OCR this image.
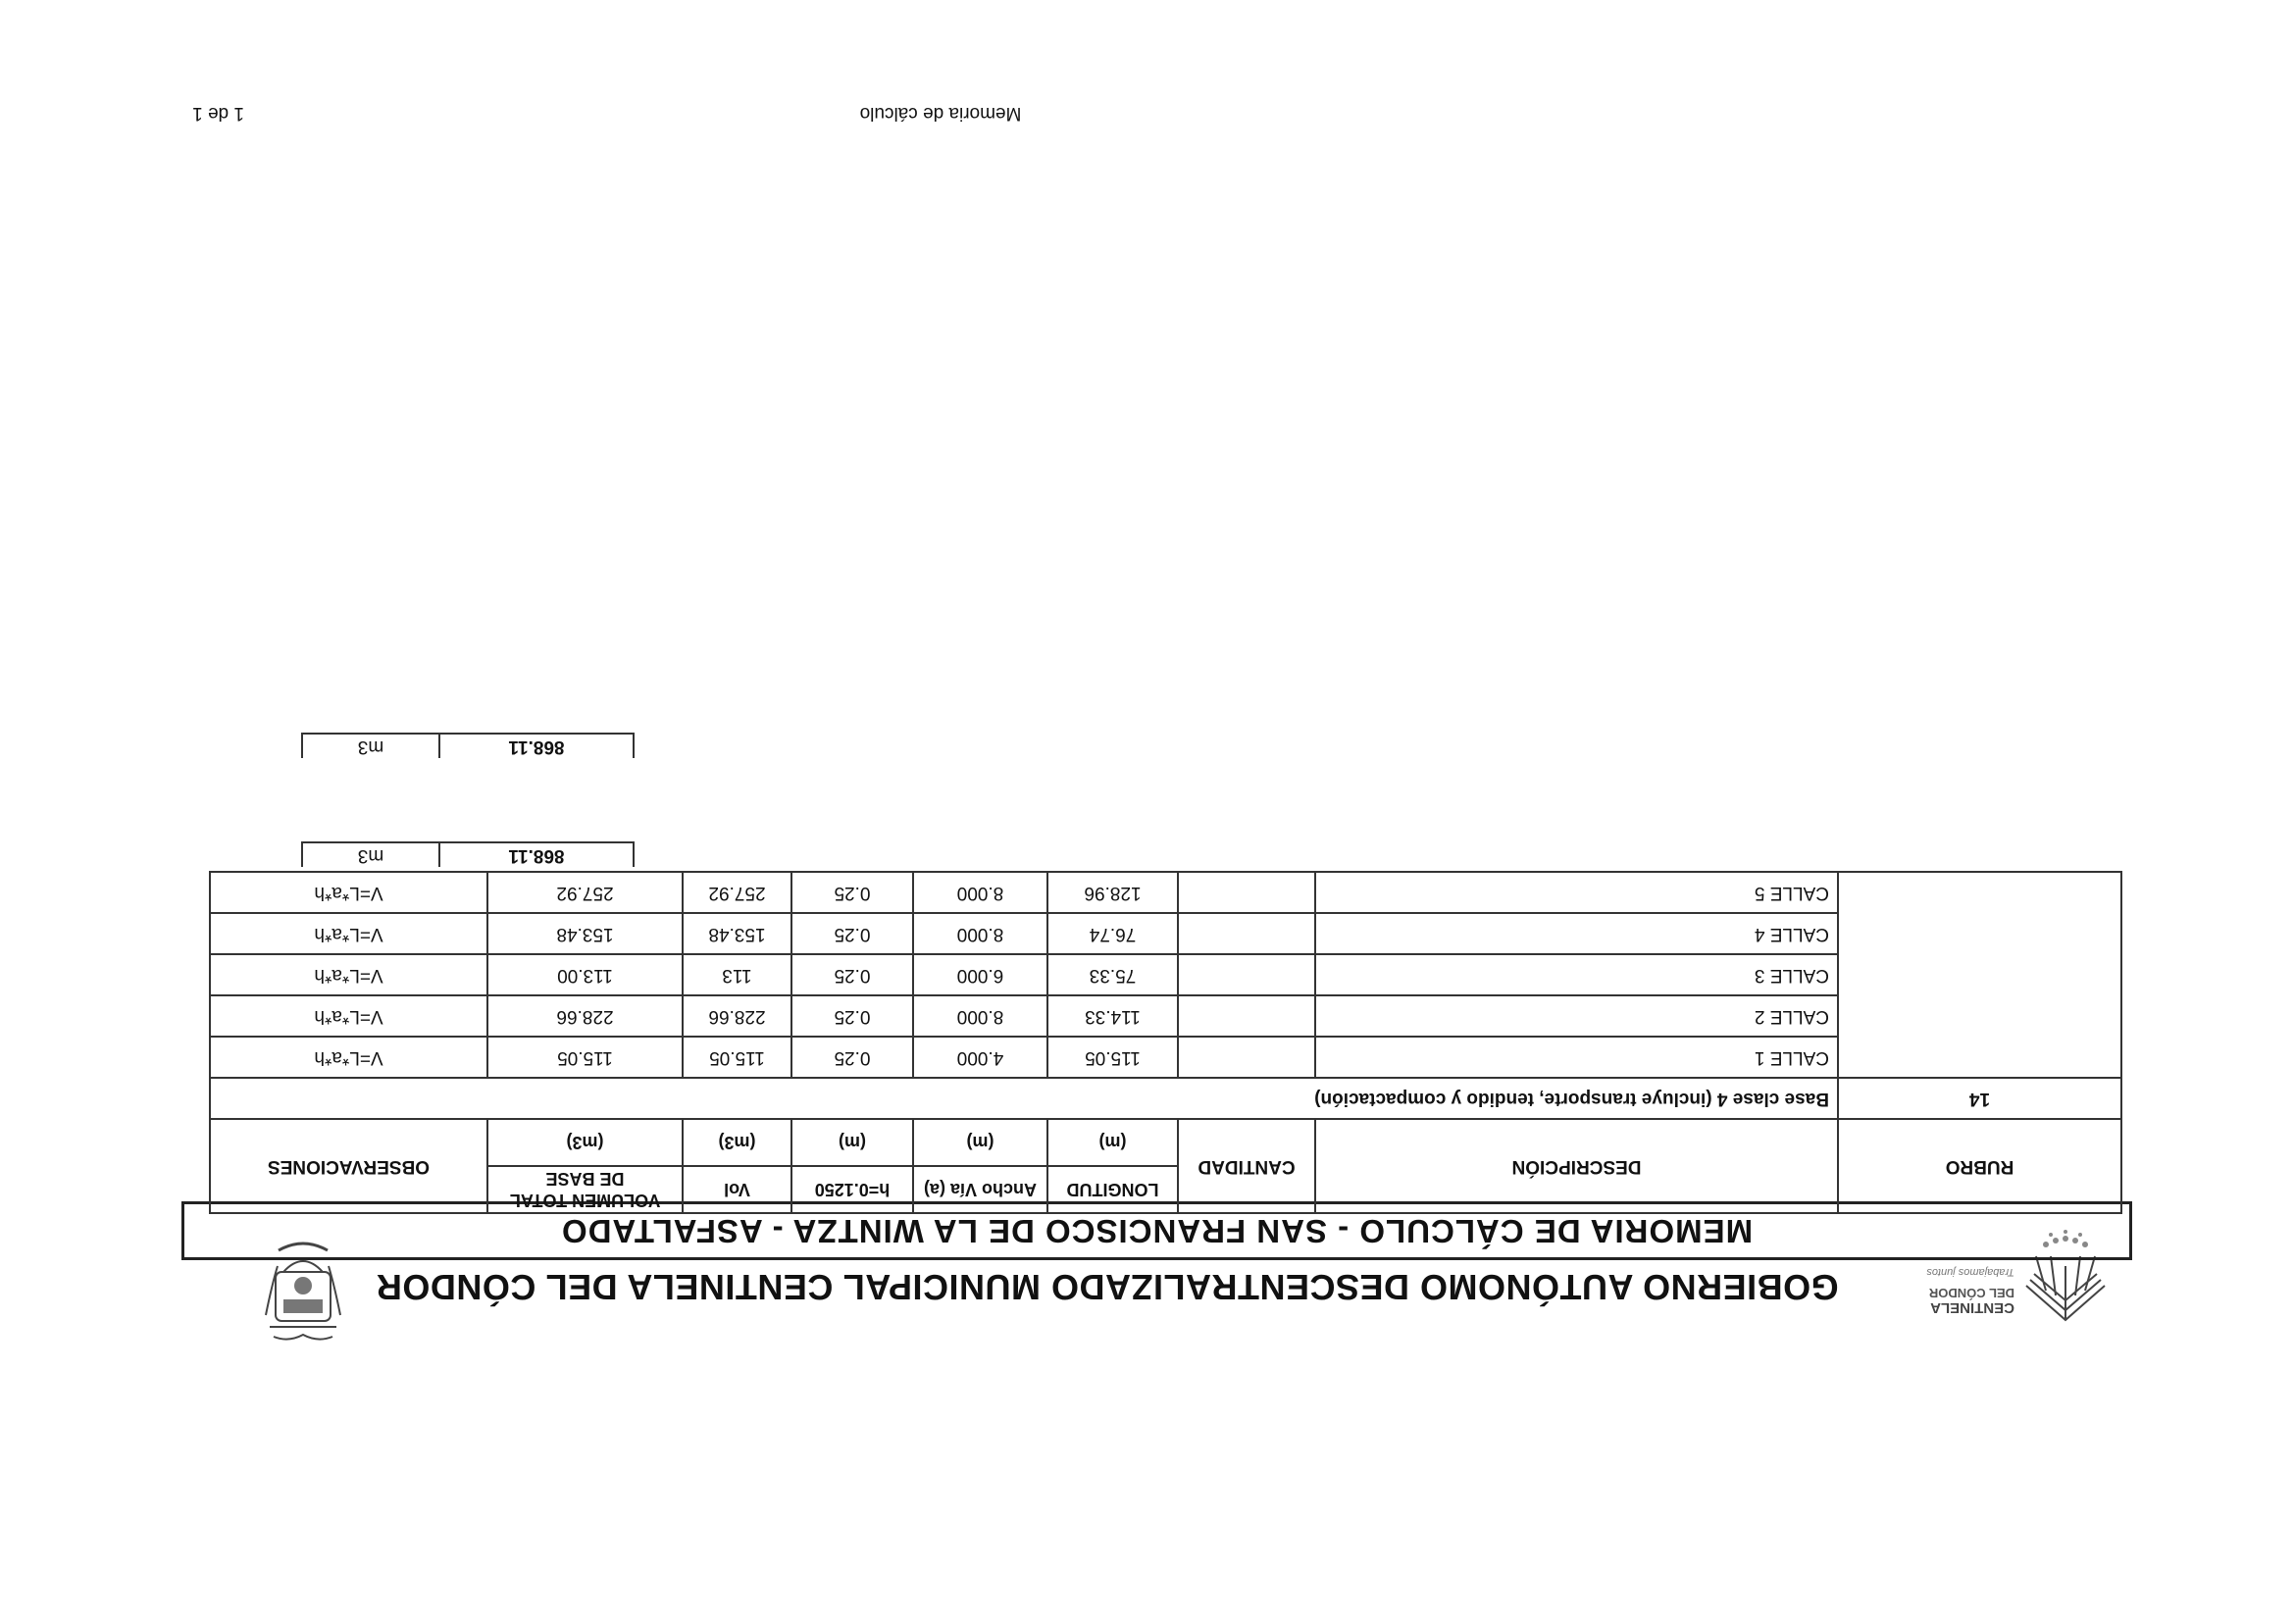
CENTINELA
DEL CÓNDOR
Trabajamos juntos
GOBIERNO AUTÓNOMO DESCENTRALIZADO MUNICIPAL CENTINELA DEL CÓNDOR
MEMORIA DE CÁLCULO - SAN FRANCISCO DE LA WINTZA - ASFALTADO
RUBRO	DESCRIPCIÓN	CANTIDAD	LONGITUD	Ancho Vía (a)	h=0.1250	Vol	VOLUMEN TOTAL DE BASE	OBSERVACIONES
			(m)	(m)	(m)	(m3)	(m3)	
14	Base clase 4 (incluye transporte, tendido y compactación)							
	CALLE 1		115.05	4.000	0.25	115.05	115.05	V=L*a*h
	CALLE 2		114.33	8.000	0.25	228.66	228.66	V=L*a*h
	CALLE 3		75.33	6.000	0.25	113	113.00	V=L*a*h
	CALLE 4		76.74	8.000	0.25	153.48	153.48	V=L*a*h
	CALLE 5		128.96	8.000	0.25	257.92	257.92	V=L*a*h
868.11
m3
868.11
m3
Memoria de cálculo
1 de 1
